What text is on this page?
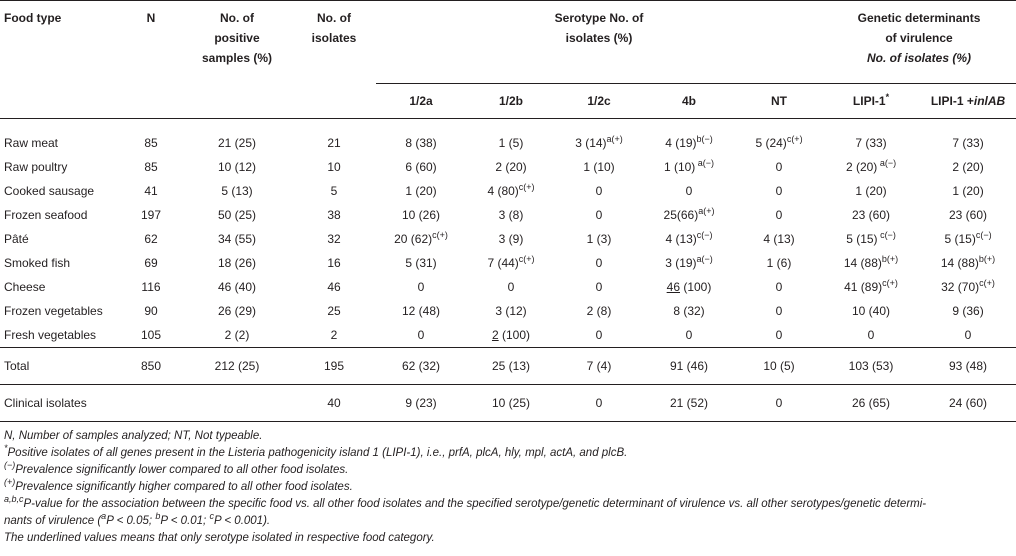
Food type	N	No. of
positive
samples (%)	No. of
isolates	Serotype No. of
isolates (%)					Genetic determinants
of virulence
No. of isolates (%)	
				1/2a	1/2b	1/2c	4b	NT	LIPI-1*	LIPI-1 +inlAB

Raw meat	85	21 (25)	21	8 (38)	1 (5)	3 $(14)^{a(+)}$	4 $(19)^{b(-)}$	5 $(24)^{c(+)}$	7 (33)	7 (33)
Raw poultry	85	10 (12)	10	6 (60)	2 (20)	1 (10)	1 (10) $^{a(-)}$	0	2 (20) $^{a(-)}$	2 (20)
Cooked sausage	41	5 (13)	5	1 (20)	4 $(80)^{c(+)}$	0	0	0	1 (20)	1 (20)
Frozen seafood	197	50 (25)	38	10 (26)	3 (8)	0	$25(66)^{a(+)}$	0	23 (60)	23 (60)
Pâté	62	34 (55)	32	20 $(62)^{c(+)}$	3 (9)	1 (3)	4 $(13)^{c(-)}$	4 (13)	5 (15) $^{c(-)}$	5 $(15)^{c(-)}$
Smoked fish	69	18 (26)	16	5 (31)	7 $(44)^{c(+)}$	0	3 $(19)^{a(-)}$	1 (6)	14 $(88)^{b(+)}$	14 $(88)^{b(+)}$
Cheese	116	46 (40)	46	0	0	0	46 (100)	0	41 $(89)^{c(+)}$	32 $(70)^{c(+)}$
Frozen vegetables	90	26 (29)	25	12 (48)	3 (12)	2 (8)	8 (32)	0	10 (40)	9 (36)
Fresh vegetables	105	2 (2)	2	0	2 (100)	0	0	0	0	0
Total	850	212 (25)	195	62 (32)	25 (13)	7 (4)	91 (46)	10 (5)	103 (53)	93 (48)
Clinical isolates			40	9 (23)	10 (25)	0	21 (52)	0	26 (65)	24 (60)
N, Number of samples analyzed; NT, Not typeable.
*Positive isolates of all genes present in the Listeria pathogenicity island 1 (LIPI-1), i.e., prfA, plcA, hly, mpl, actA, and plcB.
(−)Prevalence significantly lower compared to all other food isolates.
(+)Prevalence significantly higher compared to all other food isolates.
$^{a,b,c}$P-value for the association between the specific food vs. all other food isolates and the specified serotype/genetic determinant of virulence vs. all other serotypes/genetic determi-
nants of virulence ($^a$P < 0.05; $^b$P < 0.01; $^c$P < 0.001).
The underlined values means that only serotype isolated in respective food category.
